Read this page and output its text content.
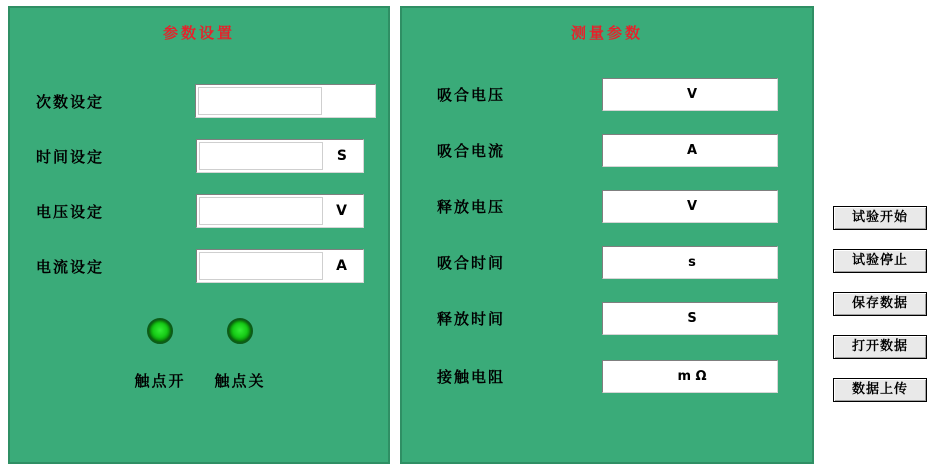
参数设置
次数设定
时间设定	S
电压设定	V
电流设定	A
触点开	触点关
测量参数
吸合电压	V
吸合电流	A
释放电压	V
吸合时间	s
释放时间	S
接触电阻	m Ω
试验开始
试验停止
保存数据
打开数据
数据上传
